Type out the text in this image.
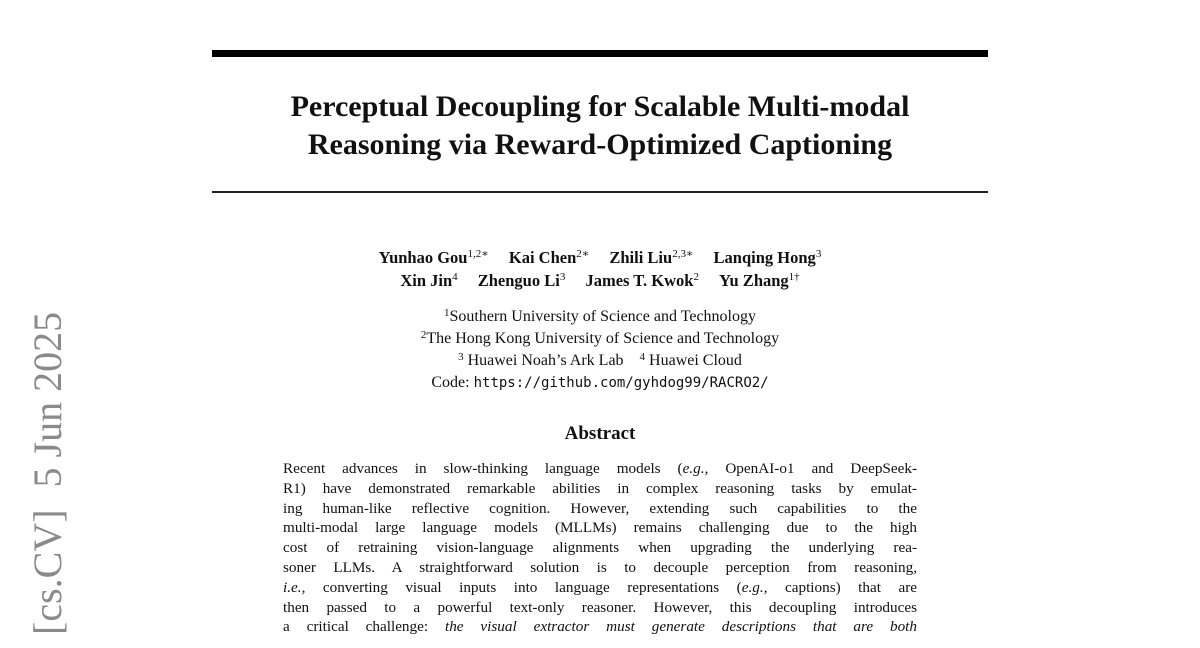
[cs.CV]5 Jun 2025
Perceptual Decoupling for Scalable Multi-modal
Reasoning via Reward-Optimized Captioning
Yunhao Gou$^{1,2∗}$ Kai Chen$^{2∗}$ Zhili Liu$^{2,3∗}$ Lanqing Hong$^3$
Xin Jin$^4$ Zhenguo Li$^3$ James T. Kwok$^2$ Yu Zhang$^{1\dagger}$
$^1$Southern University of Science and Technology
$^2$The Hong Kong University of Science and Technology
$^3$ Huawei Noah’s Ark Lab $^4$ Huawei Cloud
Code: https://github.com/gyhdog99/RACRO2/
Abstract
Recent advances in slow-thinking language models (e.g., OpenAI-o1 and DeepSeek-
R1) have demonstrated remarkable abilities in complex reasoning tasks by emulat-
ing human-like reflective cognition. However, extending such capabilities to the
multi-modal large language models (MLLMs) remains challenging due to the high
cost of retraining vision-language alignments when upgrading the underlying rea-
soner LLMs. A straightforward solution is to decouple perception from reasoning,
i.e., converting visual inputs into language representations (e.g., captions) that are
then passed to a powerful text-only reasoner. However, this decoupling introduces
a critical challenge: the visual extractor must generate descriptions that are both
